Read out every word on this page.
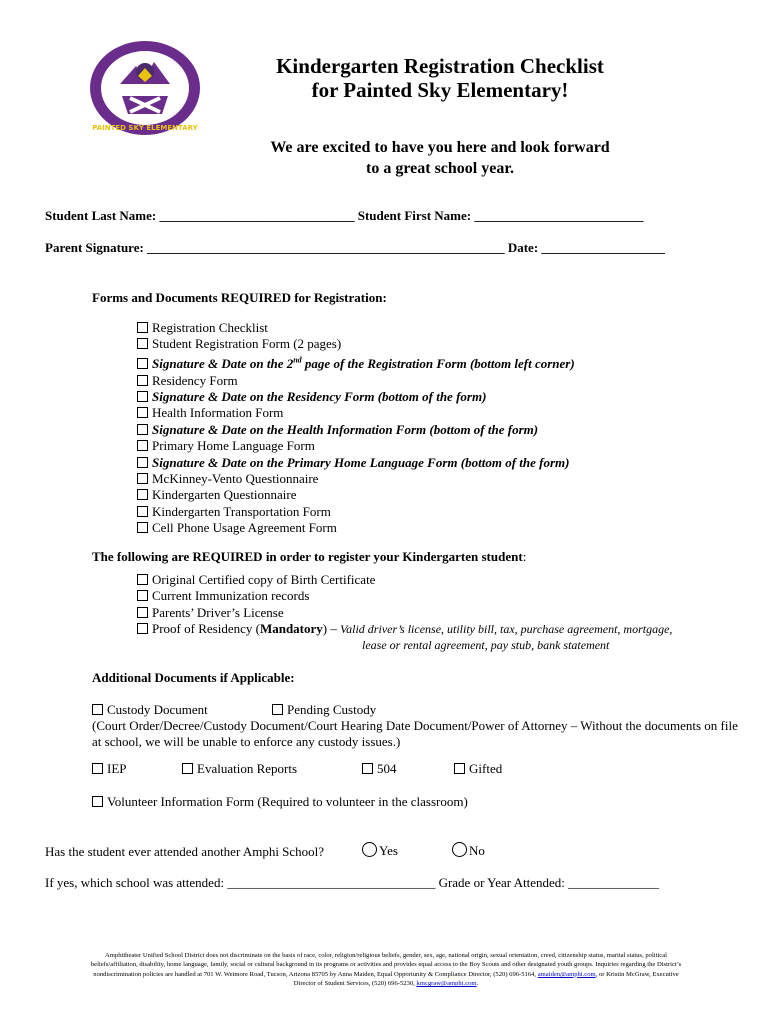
PAINTED SKY ELEMENTARY
Kindergarten Registration Checklist
for Painted Sky Elementary!
We are excited to have you here and look forward
to a great school year.
Student Last Name: ______________________________ Student First Name: __________________________
Parent Signature: _______________________________________________________ Date: ___________________
Forms and Documents REQUIRED for Registration:
Registration Checklist
Student Registration Form (2 pages)
Signature & Date on the 2nd page of the Registration Form (bottom left corner)
Residency Form
Signature & Date on the Residency Form (bottom of the form)
Health Information Form
Signature & Date on the Health Information Form (bottom of the form)
Primary Home Language Form
Signature & Date on the Primary Home Language Form (bottom of the form)
McKinney-Vento Questionnaire
Kindergarten Questionnaire
Kindergarten Transportation Form
Cell Phone Usage Agreement Form
The following are REQUIRED in order to register your Kindergarten student:
Original Certified copy of Birth Certificate
Current Immunization records
Parents’ Driver’s License
Proof of Residency (Mandatory) – Valid driver’s license, utility bill, tax, purchase agreement, mortgage,
lease or rental agreement, pay stub, bank statement
Additional Documents if Applicable:
Custody Document	Pending Custody
(Court Order/Decree/Custody Document/Court Hearing Date Document/Power of Attorney – Without the documents on file
at school, we will be unable to enforce any custody issues.)
IEP	Evaluation Reports	504	Gifted
Volunteer Information Form (Required to volunteer in the classroom)
Has the student ever attended another Amphi School?	Yes	No
If yes, which school was attended: ________________________________ Grade or Year Attended: ______________
Amphitheater Unified School District does not discriminate on the basis of race, color, religion/religious beliefs, gender, sex, age, national origin, sexual orientation, creed, citizenship status, marital status, political
beliefs/affiliation, disability, home language, family, social or cultural background in its programs or activities and provides equal access to the Boy Scouts and other designated youth groups. Inquiries regarding the District’s
nondiscrimination policies are handled at 701 W. Wetmore Road, Tucson, Arizona 85705 by Anna Maiden, Equal Opportunity & Compliance Director, (520) 696-5164, amaiden@amphi.com, or Kristin McGraw, Executive
Director of Student Services, (520) 696-5230, kmcgraw@amphi.com.
